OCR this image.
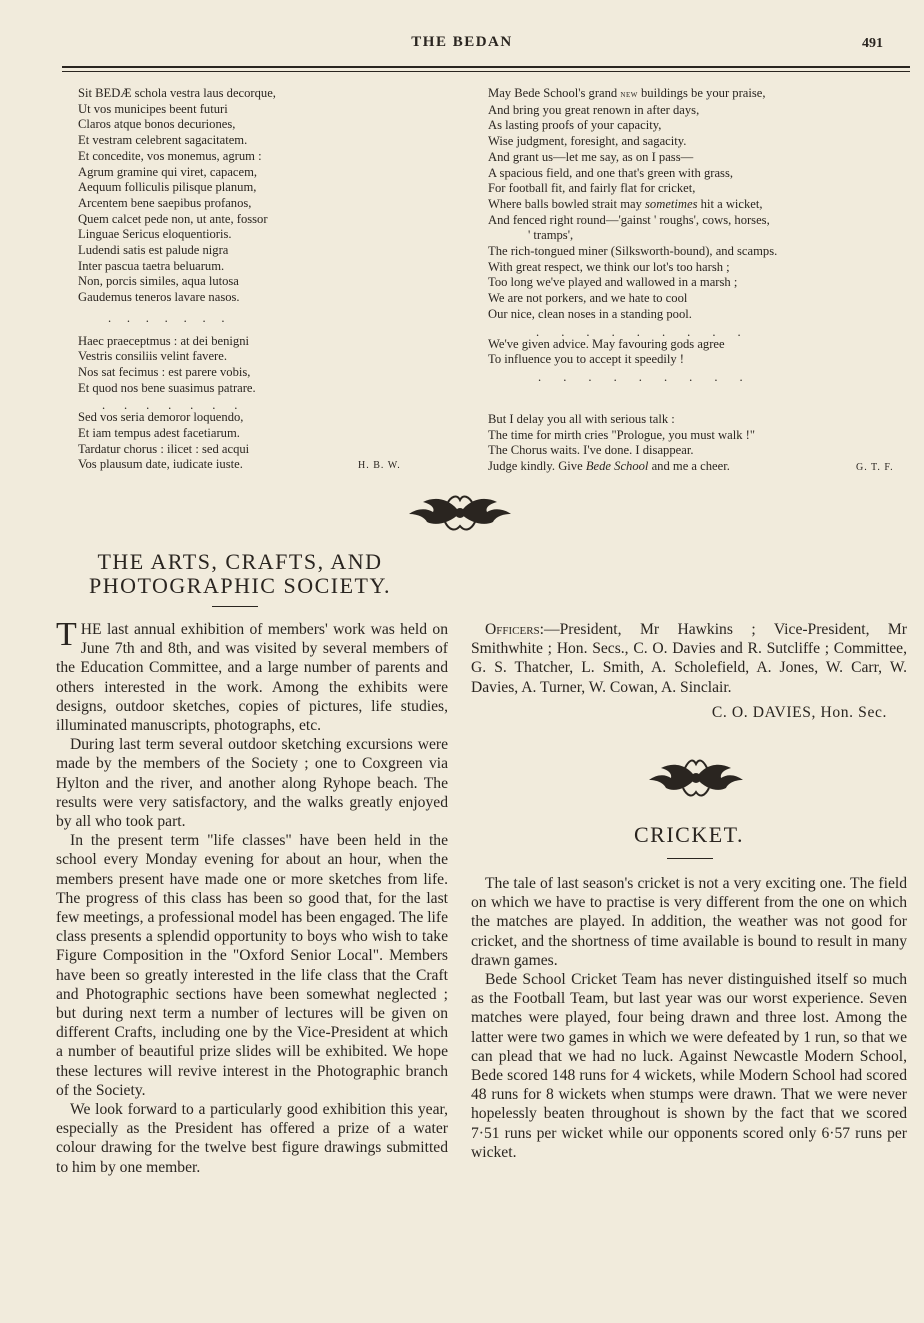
THE BEDAN	491
Sit BEDÆ schola vestra laus decorque,
Ut vos municipes beent futuri
Claros atque bonos decuriones,
Et vestram celebrent sagacitatem.
Et concedite, vos monemus, agrum :
Agrum gramine qui viret, capacem,
Aequum folliculis pilisque planum,
Arcentem bene saepibus profanos,
Quem calcet pede non, ut ante, fossor
Linguae Sericus eloquentioris.
Ludendi satis est palude nigra
Inter pascua taetra beluarum.
Non, porcis similes, aqua lutosa
Gaudemus teneros lavare nasos.
.     .     .     .     .     .     .
Haec praeceptmus : at dei benigni
Vestris consiliis velint favere.
Nos sat fecimus : est parere vobis,
Et quod nos bene suasimus patrare.
.      .      .      .      .      .      .
Sed vos seria demoror loquendo,
Et iam tempus adest facetiarum.
Tardatur chorus : ilicet : sed acqui
Vos plausum date, iudicate iuste.	H. B. W.
May Bede School's grand new buildings be your praise,
And bring you great renown in after days,
As lasting proofs of your capacity,
Wise judgment, foresight, and sagacity.
And grant us—let me say, as on I pass—
A spacious field, and one that's green with grass,
For football fit, and fairly flat for cricket,
Where balls bowled strait may sometimes hit a wicket,
And fenced right round—'gainst ' roughs', cows, horses,
' tramps',
The rich-tongued miner (Silksworth-bound), and scamps.
With great respect, we think our lot's too harsh ;
Too long we've played and wallowed in a marsh ;
We are not porkers, and we hate to cool
Our nice, clean noses in a standing pool.
.       .       .       .       .       .       .       .       .
We've given advice. May favouring gods agree
To influence you to accept it speedily !
.       .       .       .       .       .       .       .       .
But I delay you all with serious talk :
The time for mirth cries "Prologue, you must walk !"
The Chorus waits. I've done. I disappear.
Judge kindly. Give Bede School and me a cheer.	G. T. F.
THE ARTS, CRAFTS, AND
PHOTOGRAPHIC SOCIETY.

THE last annual exhibition of members' work was held on June 7th and 8th, and was visited by several members of the Education Committee, and a large number of parents and others interested in the work. Among the exhibits were designs, outdoor sketches, copies of pictures, life studies, illuminated manuscripts, photographs, etc.

During last term several outdoor sketching excursions were made by the members of the Society ; one to Coxgreen via Hylton and the river, and another along Ryhope beach. The results were very satisfactory, and the walks greatly enjoyed by all who took part.

In the present term "life classes" have been held in the school every Monday evening for about an hour, when the members present have made one or more sketches from life. The progress of this class has been so good that, for the last few meetings, a professional model has been engaged. The life class presents a splendid opportunity to boys who wish to take Figure Composition in the "Oxford Senior Local". Members have been so greatly interested in the life class that the Craft and Photographic sections have been somewhat neglected ; but during next term a number of lectures will be given on different Crafts, including one by the Vice-President at which a number of beautiful prize slides will be exhibited. We hope these lectures will revive interest in the Photographic branch of the Society.

We look forward to a particularly good exhibition this year, especially as the President has offered a prize of a water colour drawing for the twelve best figure drawings submitted to him by one member.

Officers:—President, Mr Hawkins ; Vice-President, Mr Smithwhite ; Hon. Secs., C. O. Davies and R. Sutcliffe ; Committee, G. S. Thatcher, L. Smith, A. Scholefield, A. Jones, W. Carr, W. Davies, A. Turner, W. Cowan, A. Sinclair.

C. O. DAVIES, Hon. Sec.
CRICKET.

The tale of last season's cricket is not a very exciting one. The field on which we have to practise is very different from the one on which the matches are played. In addition, the weather was not good for cricket, and the shortness of time available is bound to result in many drawn games.

Bede School Cricket Team has never distinguished itself so much as the Football Team, but last year was our worst experience. Seven matches were played, four being drawn and three lost. Among the latter were two games in which we were defeated by 1 run, so that we can plead that we had no luck. Against Newcastle Modern School, Bede scored 148 runs for 4 wickets, while Modern School had scored 48 runs for 8 wickets when stumps were drawn. That we were never hopelessly beaten throughout is shown by the fact that we scored 7·51 runs per wicket while our opponents scored only 6·57 runs per wicket.
